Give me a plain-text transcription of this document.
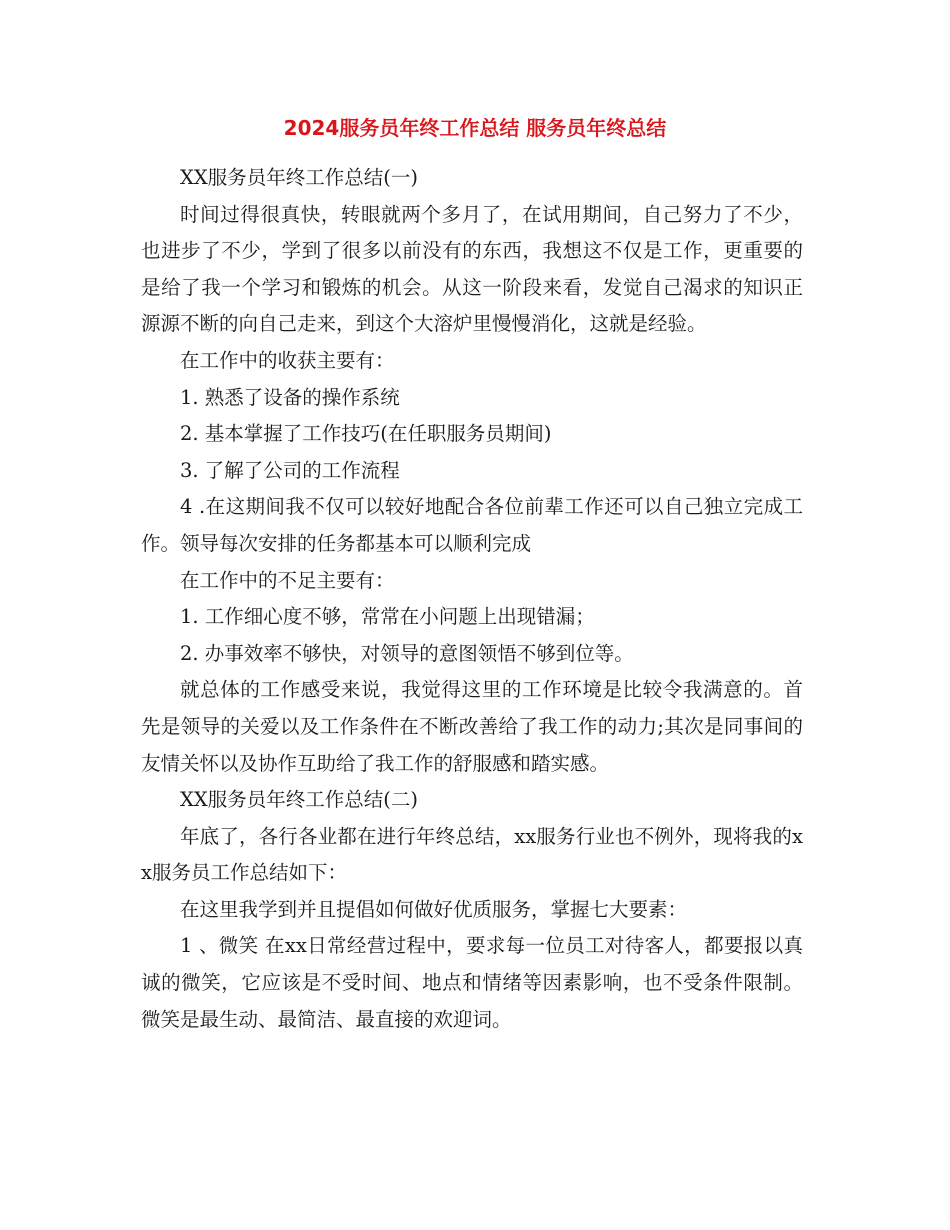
2024服务员年终工作总结 服务员年终总结

XX服务员年终工作总结(一)

时间过得很真快，转眼就两个多月了，在试用期间，自己努力了不少，也进步了不少，学到了很多以前没有的东西，我想这不仅是工作，更重要的是给了我一个学习和锻炼的机会。从这一阶段来看，发觉自己渴求的知识正源源不断的向自己走来，到这个大溶炉里慢慢消化，这就是经验。

在工作中的收获主要有：

1. 熟悉了设备的操作系统

2. 基本掌握了工作技巧(在任职服务员期间)

3. 了解了公司的工作流程

4 .在这期间我不仅可以较好地配合各位前辈工作还可以自己独立完成工作。领导每次安排的任务都基本可以顺利完成

在工作中的不足主要有：

1. 工作细心度不够，常常在小问题上出现错漏；

2. 办事效率不够快，对领导的意图领悟不够到位等。

就总体的工作感受来说，我觉得这里的工作环境是比较令我满意的。首先是领导的关爱以及工作条件在不断改善给了我工作的动力;其次是同事间的友情关怀以及协作互助给了我工作的舒服感和踏实感。

XX服务员年终工作总结(二)

年底了，各行各业都在进行年终总结，xx服务行业也不例外，现将我的xx服务员工作总结如下：

在这里我学到并且提倡如何做好优质服务，掌握七大要素：

1 、微笑 在xx日常经营过程中，要求每一位员工对待客人，都要报以真诚的微笑，它应该是不受时间、地点和情绪等因素影响，也不受条件限制。微笑是最生动、最简洁、最直接的欢迎词。
